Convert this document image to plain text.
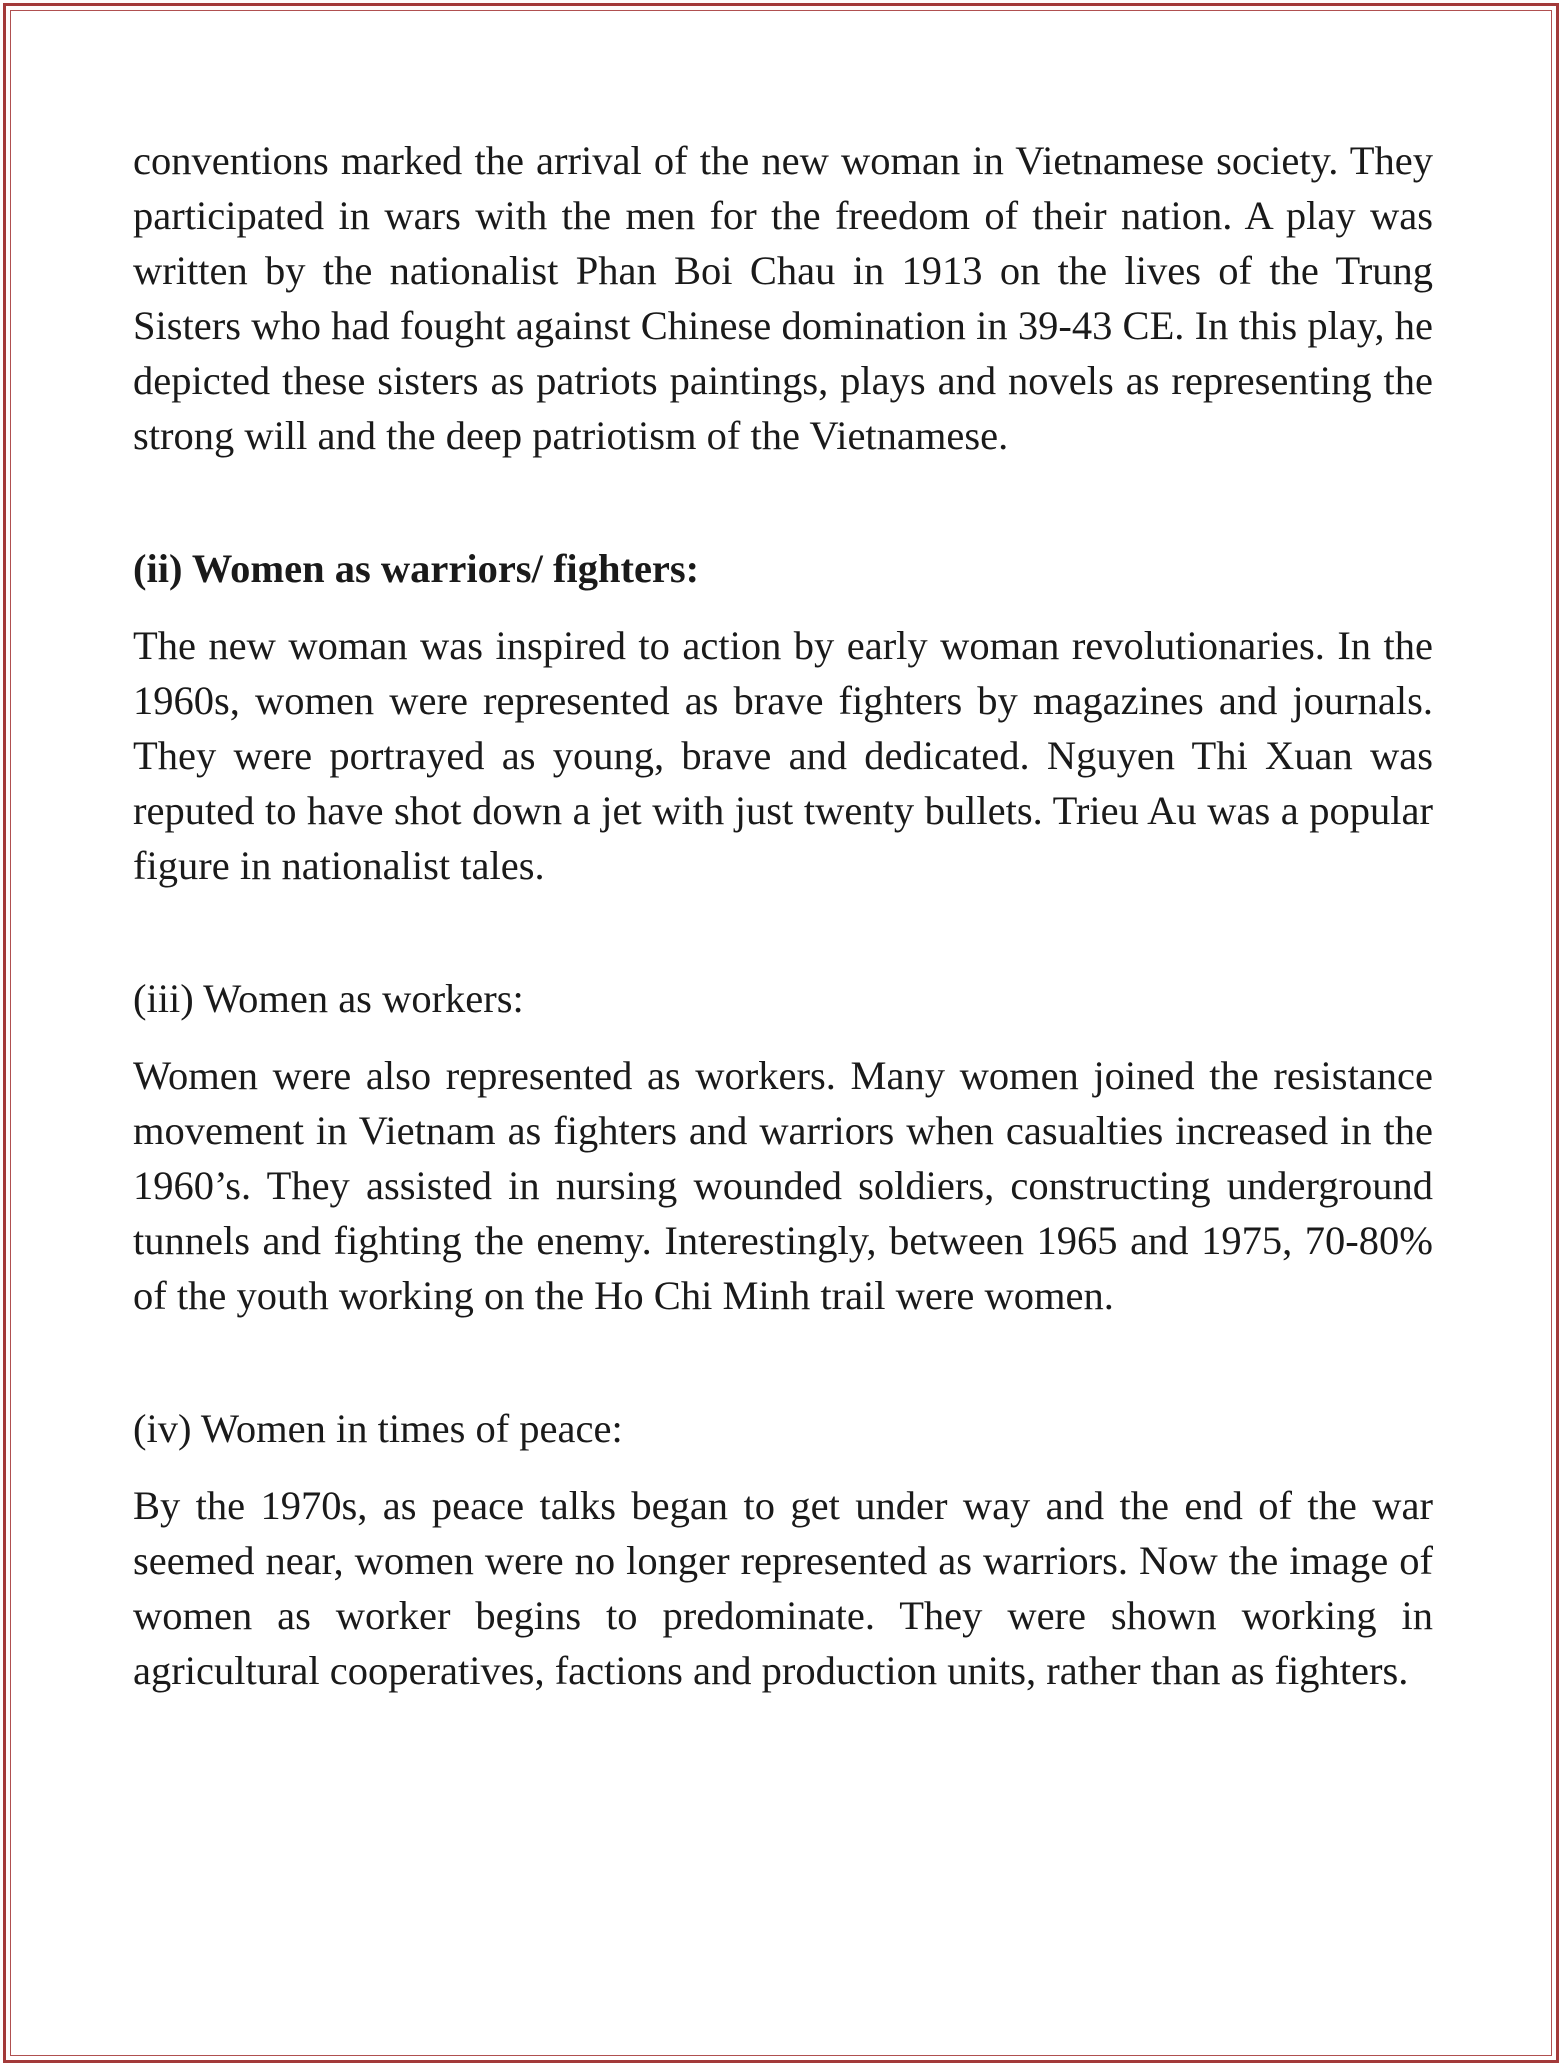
conventions marked the arrival of the new woman in Vietnamese society. They participated in wars with the men for the freedom of their nation. A play was written by the nationalist Phan Boi Chau in 1913 on the lives of the Trung Sisters who had fought against Chinese domination in 39-43 CE. In this play, he depicted these sisters as patriots paintings, plays and novels as representing the strong will and the deep patriotism of the Vietnamese.

(ii) Women as warriors/ fighters:

The new woman was inspired to action by early woman revolutionaries. In the 1960s, women were represented as brave fighters by magazines and journals. They were portrayed as young, brave and dedicated. Nguyen Thi Xuan was reputed to have shot down a jet with just twenty bullets. Trieu Au was a popular figure in nationalist tales.

(iii) Women as workers:

Women were also represented as workers. Many women joined the resistance movement in Vietnam as fighters and warriors when casualties increased in the 1960’s. They assisted in nursing wounded soldiers, constructing underground tunnels and fighting the enemy. Interestingly, between 1965 and 1975, 70-80% of the youth working on the Ho Chi Minh trail were women.

(iv) Women in times of peace:

By the 1970s, as peace talks began to get under way and the end of the war seemed near, women were no longer represented as warriors. Now the image of women as worker begins to predominate. They were shown working in agricultural cooperatives, factions and production units, rather than as fighters.
